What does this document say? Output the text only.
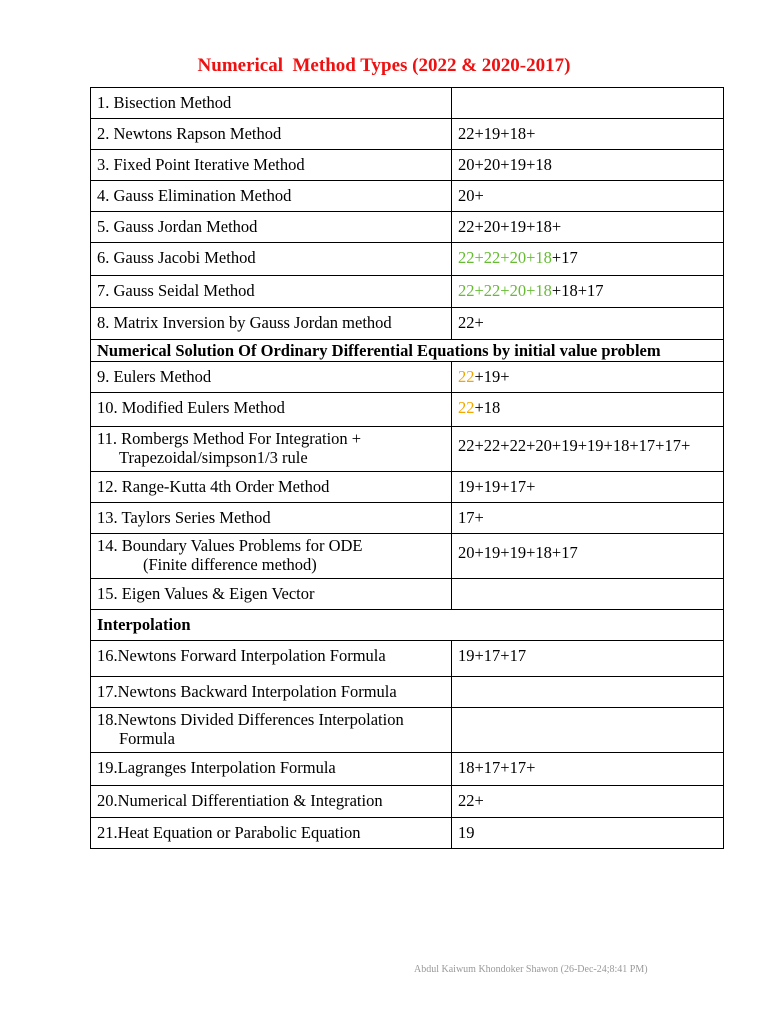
Numerical  Method Types (2022 & 2020-2017)
1. Bisection Method	
2. Newtons Rapson Method	22+19+18+
3. Fixed Point Iterative Method	20+20+19+18
4. Gauss Elimination Method	20+
5. Gauss Jordan Method	22+20+19+18+
6. Gauss Jacobi Method	22+22+20+18+17
7. Gauss Seidal Method	22+22+20+18+18+17
8. Matrix Inversion by Gauss Jordan method	22+
Numerical Solution Of Ordinary Differential Equations by initial value problem	
9. Eulers Method	22+19+
10. Modified Eulers Method	22+18
11. Rombergs Method For Integration +
Trapezoidal/simpson1/3 rule	22+22+22+20+19+19+18+17+17+
12. Range-Kutta 4th Order Method	19+19+17+
13. Taylors Series Method	17+
14. Boundary Values Problems for ODE
(Finite difference method)	20+19+19+18+17
15. Eigen Values & Eigen Vector	
Interpolation	
16.Newtons Forward Interpolation Formula	19+17+17
17.Newtons Backward Interpolation Formula	
18.Newtons Divided Differences Interpolation
Formula	

19.Lagranges Interpolation Formula	18+17+17+
20.Numerical Differentiation & Integration	22+
21.Heat Equation or Parabolic Equation	19
Abdul Kaiwum Khondoker Shawon (26-Dec-24;8:41 PM)
